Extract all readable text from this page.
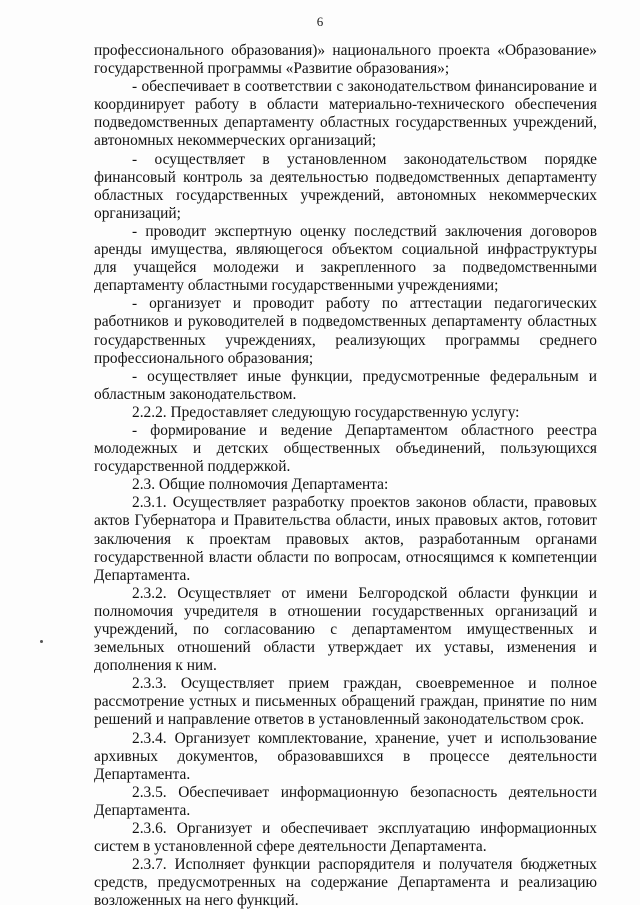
6

профессионального образования)» национального проекта «Образование» государственной программы «Развитие образования»;

- обеспечивает в соответствии с законодательством финансирование и координирует работу в области материально-технического обеспечения подведомственных департаменту областных государственных учреждений, автономных некоммерческих организаций;

- осуществляет в установленном законодательством порядке финансовый контроль за деятельностью подведомственных департаменту областных государственных учреждений, автономных некоммерческих организаций;

- проводит экспертную оценку последствий заключения договоров аренды имущества, являющегося объектом социальной инфраструктуры для учащейся молодежи и закрепленного за подведомственными департаменту областными государственными учреждениями;

- организует и проводит работу по аттестации педагогических работников и руководителей в подведомственных департаменту областных государственных учреждениях, реализующих программы среднего профессионального образования;

- осуществляет иные функции, предусмотренные федеральным и областным законодательством.

2.2.2. Предоставляет следующую государственную услугу:

- формирование и ведение Департаментом областного реестра молодежных и детских общественных объединений, пользующихся государственной поддержкой.

2.3. Общие полномочия Департамента:

2.3.1. Осуществляет разработку проектов законов области, правовых актов Губернатора и Правительства области, иных правовых актов, готовит заключения к проектам правовых актов, разработанным органами государственной власти области по вопросам, относящимся к компетенции Департамента.

2.3.2. Осуществляет от имени Белгородской области функции и полномочия учредителя в отношении государственных организаций и учреждений, по согласованию с департаментом имущественных и земельных отношений области утверждает их уставы, изменения и дополнения к ним.

2.3.3. Осуществляет прием граждан, своевременное и полное рассмотрение устных и письменных обращений граждан, принятие по ним решений и направление ответов в установленный законодательством срок.

2.3.4. Организует комплектование, хранение, учет и использование архивных документов, образовавшихся в процессе деятельности Департамента.

2.3.5. Обеспечивает информационную безопасность деятельности Департамента.

2.3.6. Организует и обеспечивает эксплуатацию информационных систем в установленной сфере деятельности Департамента.

2.3.7. Исполняет функции распорядителя и получателя бюджетных средств, предусмотренных на содержание Департамента и реализацию возложенных на него функций.
